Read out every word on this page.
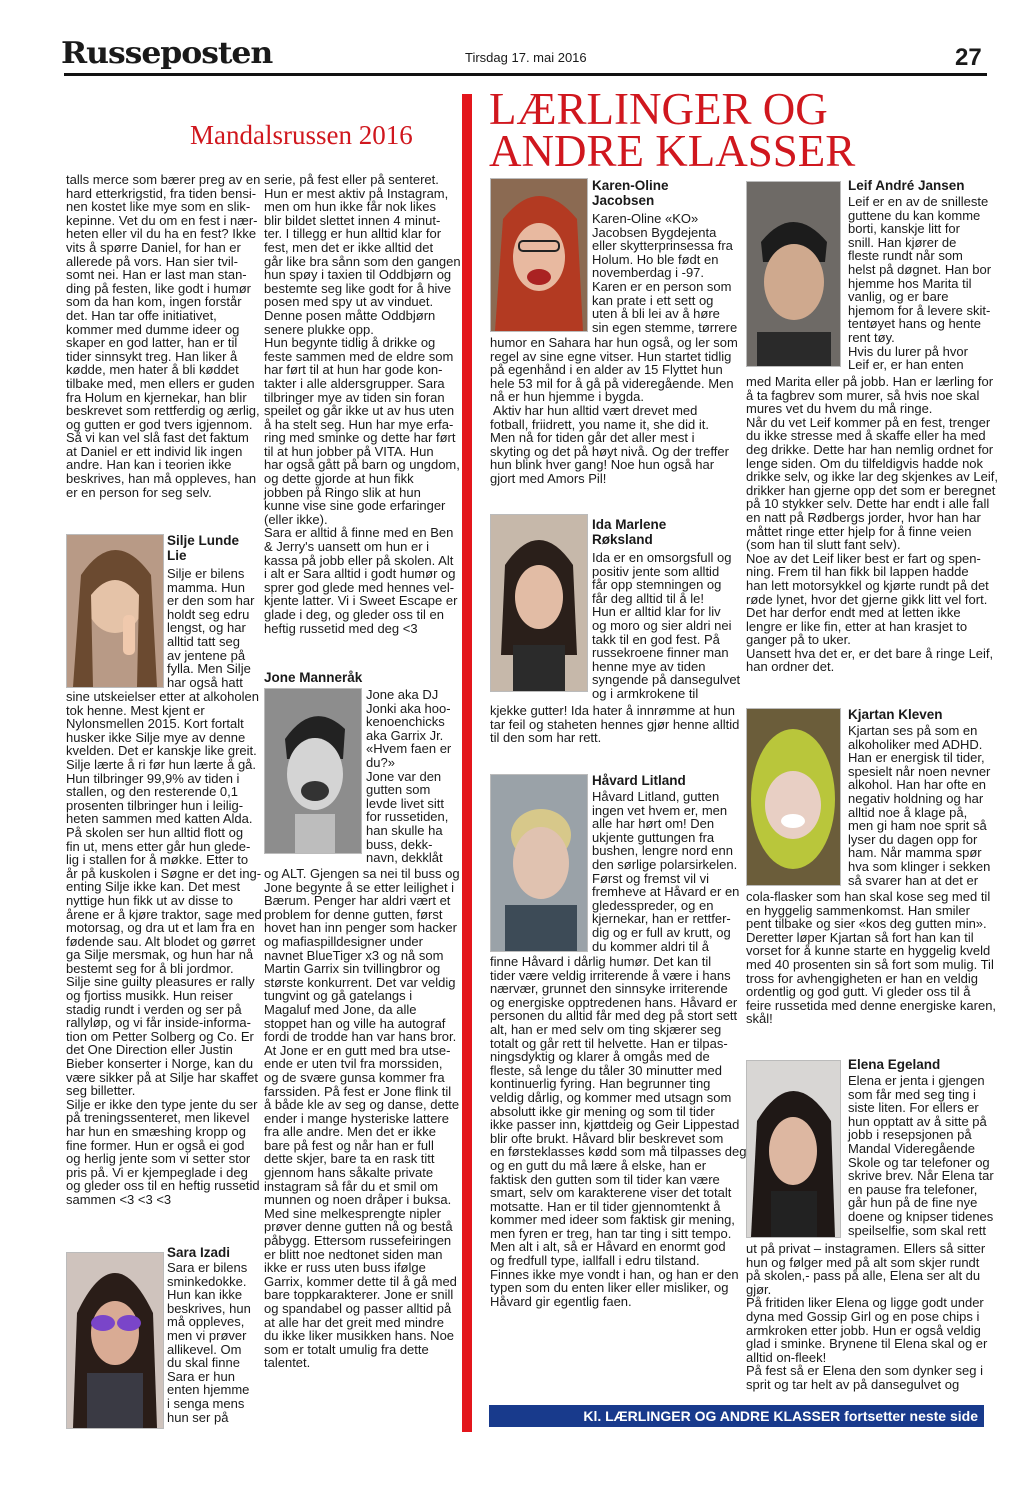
Russeposten	Tirsdag 17. mai 2016	27
Mandalsrussen 2016
talls merce som bærer preg av en
hard etterkrigstid, fra tiden bensi-
nen kostet like mye som en slik-
kepinne. Vet du om en fest i nær-
heten eller vil du ha en fest? Ikke
vits å spørre Daniel, for han er
allerede på vors. Han sier tvil-
somt nei. Han er last man stan-
ding på festen, like godt i humør
som da han kom, ingen forstår
det. Han tar offe initiativet,
kommer med dumme ideer og
skaper en god latter, han er til
tider sinnsykt treg. Han liker å
kødde, men hater å bli køddet
tilbake med, men ellers er guden
fra Holum en kjernekar, han blir
beskrevet som rettferdig og ærlig,
og gutten er god tvers igjennom.
Så vi kan vel slå fast det faktum
at Daniel er ett individ lik ingen
andre. Han kan i teorien ikke
beskrives, han må oppleves, han
er en person for seg selv.
Silje Lunde
Lie
Silje er bilens
mamma. Hun
er den som har
holdt seg edru
lengst, og har
alltid tatt seg
av jentene på
fylla. Men Silje
har også hatt
sine utskeielser etter at alkoholen
tok henne. Mest kjent er
Nylonsmellen 2015. Kort fortalt
husker ikke Silje mye av denne
kvelden. Det er kanskje like greit.
Silje lærte å ri før hun lærte å gå.
Hun tilbringer 99,9% av tiden i
stallen, og den resterende 0,1
prosenten tilbringer hun i leilig-
heten sammen med katten Alda.
På skolen ser hun alltid flott og
fin ut, mens etter går hun glede-
lig i stallen for å møkke. Etter to
år på kuskolen i Søgne er det ing-
enting Silje ikke kan. Det mest
nyttige hun fikk ut av disse to
årene er å kjøre traktor, sage med
motorsag, og dra ut et lam fra en
fødende sau. Alt blodet og gørret
ga Silje mersmak, og hun har nå
bestemt seg for å bli jordmor.
Silje sine guilty pleasures er rally
og fjortiss musikk. Hun reiser
stadig rundt i verden og ser på
rallyløp, og vi får inside-informa-
tion om Petter Solberg og Co. Er
det One Direction eller Justin
Bieber konserter i Norge, kan du
være sikker på at Silje har skaffet
seg billetter.
Silje er ikke den type jente du ser
på treningssenteret, men likevel
har hun en smæshing kropp og
fine former. Hun er også ei god
og herlig jente som vi setter stor
pris på. Vi er kjempeglade i deg
og gleder oss til en heftig russetid
sammen <3 <3 <3
Sara Izadi
Sara er bilens
sminkedokke.
Hun kan ikke
beskrives, hun
må oppleves,
men vi prøver
allikevel. Om
du skal finne
Sara er hun
enten hjemme
i senga mens
hun ser på
serie, på fest eller på senteret.
Hun er mest aktiv på Instagram,
men om hun ikke får nok likes
blir bildet slettet innen 4 minut-
ter. I tillegg er hun alltid klar for
fest, men det er ikke alltid det
går like bra sånn som den gangen
hun spøy i taxien til Oddbjørn og
bestemte seg like godt for å hive
posen med spy ut av vinduet.
Denne posen måtte Oddbjørn
senere plukke opp.
Hun begynte tidlig å drikke og
feste sammen med de eldre som
har ført til at hun har gode kon-
takter i alle aldersgrupper. Sara
tilbringer mye av tiden sin foran
speilet og går ikke ut av hus uten
å ha stelt seg. Hun har mye erfa-
ring med sminke og dette har ført
til at hun jobber på VITA. Hun
har også gått på barn og ungdom,
og dette gjorde at hun fikk
jobben på Ringo slik at hun
kunne vise sine gode erfaringer
(eller ikke).
Sara er alltid å finne med en Ben
& Jerry's uansett om hun er i
kassa på jobb eller på skolen. Alt
i alt er Sara alltid i godt humør og
sprer god glede med hennes vel-
kjente latter. Vi i Sweet Escape er
glade i deg, og gleder oss til en
heftig russetid med deg <3
Jone Manneråk
Jone aka DJ
Jonki aka hoo-
kenoenchicks
aka Garrix Jr.
«Hvem faen er
du?»
Jone var den
gutten som
levde livet sitt
for russetiden,
han skulle ha
buss, dekk-
navn, dekklåt
og ALT. Gjengen sa nei til buss og
Jone begynte å se etter leilighet i
Bærum. Penger har aldri vært et
problem for denne gutten, først
hovet han inn penger som hacker
og mafiaspilldesigner under
navnet BlueTiger x3 og nå som
Martin Garrix sin tvillingbror og
største konkurrent. Det var veldig
tungvint og gå gatelangs i
Magaluf med Jone, da alle
stoppet han og ville ha autograf
fordi de trodde han var hans bror.
At Jone er en gutt med bra utse-
ende er uten tvil fra morssiden,
og de svære gunsa kommer fra
farssiden. På fest er Jone flink til
å både kle av seg og danse, dette
ender i mange hysteriske lattere
fra alle andre. Men det er ikke
bare på fest og når han er full
dette skjer, bare ta en rask titt
gjennom hans såkalte private
instagram så får du et smil om
munnen og noen dråper i buksa.
Med sine melkesprengte nipler
prøver denne gutten nå og bestå
påbygg. Ettersom russefeiringen
er blitt noe nedtonet siden man
ikke er russ uten buss ifølge
Garrix, kommer dette til å gå med
bare toppkarakterer. Jone er snill
og spandabel og passer alltid på
at alle har det greit med mindre
du ikke liker musikken hans. Noe
som er totalt umulig fra dette
talentet.
LÆRLINGER OG
ANDRE KLASSER
Karen-Oline
Jacobsen
Karen-Oline «KO»
Jacobsen Bygdejenta
eller skytterprinsessa fra
Holum. Ho ble født en
novemberdag i -97.
Karen er en person som
kan prate i ett sett og
uten å bli lei av å høre
sin egen stemme, tørrere
humor en Sahara har hun også, og ler som
regel av sine egne vitser. Hun startet tidlig
på egenhånd i en alder av 15 Flyttet hun
hele 53 mil for å gå på videregående. Men
nå er hun hjemme i bygda.
Aktiv har hun alltid vært drevet med
fotball, friidrett, you name it, she did it.
Men nå for tiden går det aller mest i
skyting og det på høyt nivå. Og der treffer
hun blink hver gang! Noe hun også har
gjort med Amors Pil!
Ida Marlene
Røksland
Ida er en omsorgsfull og
positiv jente som alltid
får opp stemningen og
får deg alltid til å le!
Hun er alltid klar for liv
og moro og sier aldri nei
takk til en god fest. På
russekroene finner man
henne mye av tiden
syngende på dansegulvet
og i armkrokene til
kjekke gutter! Ida hater å innrømme at hun
tar feil og staheten hennes gjør henne alltid
til den som har rett.
Håvard Litland
Håvard Litland, gutten
ingen vet hvem er, men
alle har hørt om! Den
ukjente guttungen fra
bushen, lengre nord enn
den sørlige polarsirkelen.
Først og fremst vil vi
fremheve at Håvard er en
gledesspreder, og en
kjernekar, han er rettfer-
dig og er full av krutt, og
du kommer aldri til å
finne Håvard i dårlig humør. Det kan til
tider være veldig irriterende å være i hans
nærvær, grunnet den sinnsyke irriterende
og energiske opptredenen hans. Håvard er
personen du alltid får med deg på stort sett
alt, han er med selv om ting skjærer seg
totalt og går rett til helvette. Han er tilpas-
ningsdyktig og klarer å omgås med de
fleste, så lenge du tåler 30 minutter med
kontinuerlig fyring. Han begrunner ting
veldig dårlig, og kommer med utsagn som
absolutt ikke gir mening og som til tider
ikke passer inn, kjøttdeig og Geir Lippestad
blir ofte brukt. Håvard blir beskrevet som
en førsteklasses kødd som må tilpasses deg
og en gutt du må lære å elske, han er
faktisk den gutten som til tider kan være
smart, selv om karakterene viser det totalt
motsatte. Han er til tider gjennomtenkt å
kommer med ideer som faktisk gir mening,
men fyren er treg, han tar ting i sitt tempo.
Men alt i alt, så er Håvard en enormt god
og fredfull type, iallfall i edru tilstand.
Finnes ikke mye vondt i han, og han er den
typen som du enten liker eller misliker, og
Håvard gir egentlig faen.
Leif André Jansen
Leif er en av de snilleste
guttene du kan komme
borti, kanskje litt for
snill. Han kjører de
fleste rundt når som
helst på døgnet. Han bor
hjemme hos Marita til
vanlig, og er bare
hjemom for å levere skit-
tentøyet hans og hente
rent tøy.
Hvis du lurer på hvor
Leif er, er han enten
med Marita eller på jobb. Han er lærling for
å ta fagbrev som murer, så hvis noe skal
mures vet du hvem du må ringe.
Når du vet Leif kommer på en fest, trenger
du ikke stresse med å skaffe eller ha med
deg drikke. Dette har han nemlig ordnet for
lenge siden. Om du tilfeldigvis hadde nok
drikke selv, og ikke lar deg skjenkes av Leif,
drikker han gjerne opp det som er beregnet
på 10 stykker selv. Dette har endt i alle fall
en natt på Rødbergs jorder, hvor han har
måttet ringe etter hjelp for å finne veien
(som han til slutt fant selv).
Noe av det Leif liker best er fart og spen-
ning. Frem til han fikk bil lappen hadde
han lett motorsykkel og kjørte rundt på det
røde lynet, hvor det gjerne gikk litt vel fort.
Det har derfor endt med at letten ikke
lengre er like fin, etter at han krasjet to
ganger på to uker.
Uansett hva det er, er det bare å ringe Leif,
han ordner det.
Kjartan Kleven
Kjartan ses på som en
alkoholiker med ADHD.
Han er energisk til tider,
spesielt når noen nevner
alkohol. Han har ofte en
negativ holdning og har
alltid noe å klage på,
men gi ham noe sprit så
lyser du dagen opp for
ham. Når mamma spør
hva som klinger i sekken
så svarer han at det er
cola-flasker som han skal kose seg med til
en hyggelig sammenkomst. Han smiler
pent tilbake og sier «kos deg gutten min».
Deretter løper Kjartan så fort han kan til
vorset for å kunne starte en hyggelig kveld
med 40 prosenten sin så fort som mulig. Til
tross for avhengigheten er han en veldig
ordentlig og god gutt. Vi gleder oss til å
feire russetida med denne energiske karen,
skål!
Elena Egeland
Elena er jenta i gjengen
som får med seg ting i
siste liten. For ellers er
hun opptatt av å sitte på
jobb i resepsjonen på
Mandal Videregående
Skole og tar telefoner og
skrive brev. Når Elena tar
en pause fra telefoner,
går hun på de fine nye
doene og knipser tidenes
speilselfie, som skal rett
ut på privat – instagramen. Ellers så sitter
hun og følger med på alt som skjer rundt
på skolen,- pass på alle, Elena ser alt du
gjør.
På fritiden liker Elena og ligge godt under
dyna med Gossip Girl og en pose chips i
armkroken etter jobb. Hun er også veldig
glad i sminke. Brynene til Elena skal og er
alltid on-fleek!
På fest så er Elena den som dynker seg i
sprit og tar helt av på dansegulvet og
Kl. LÆRLINGER OG ANDRE KLASSER fortsetter neste side
